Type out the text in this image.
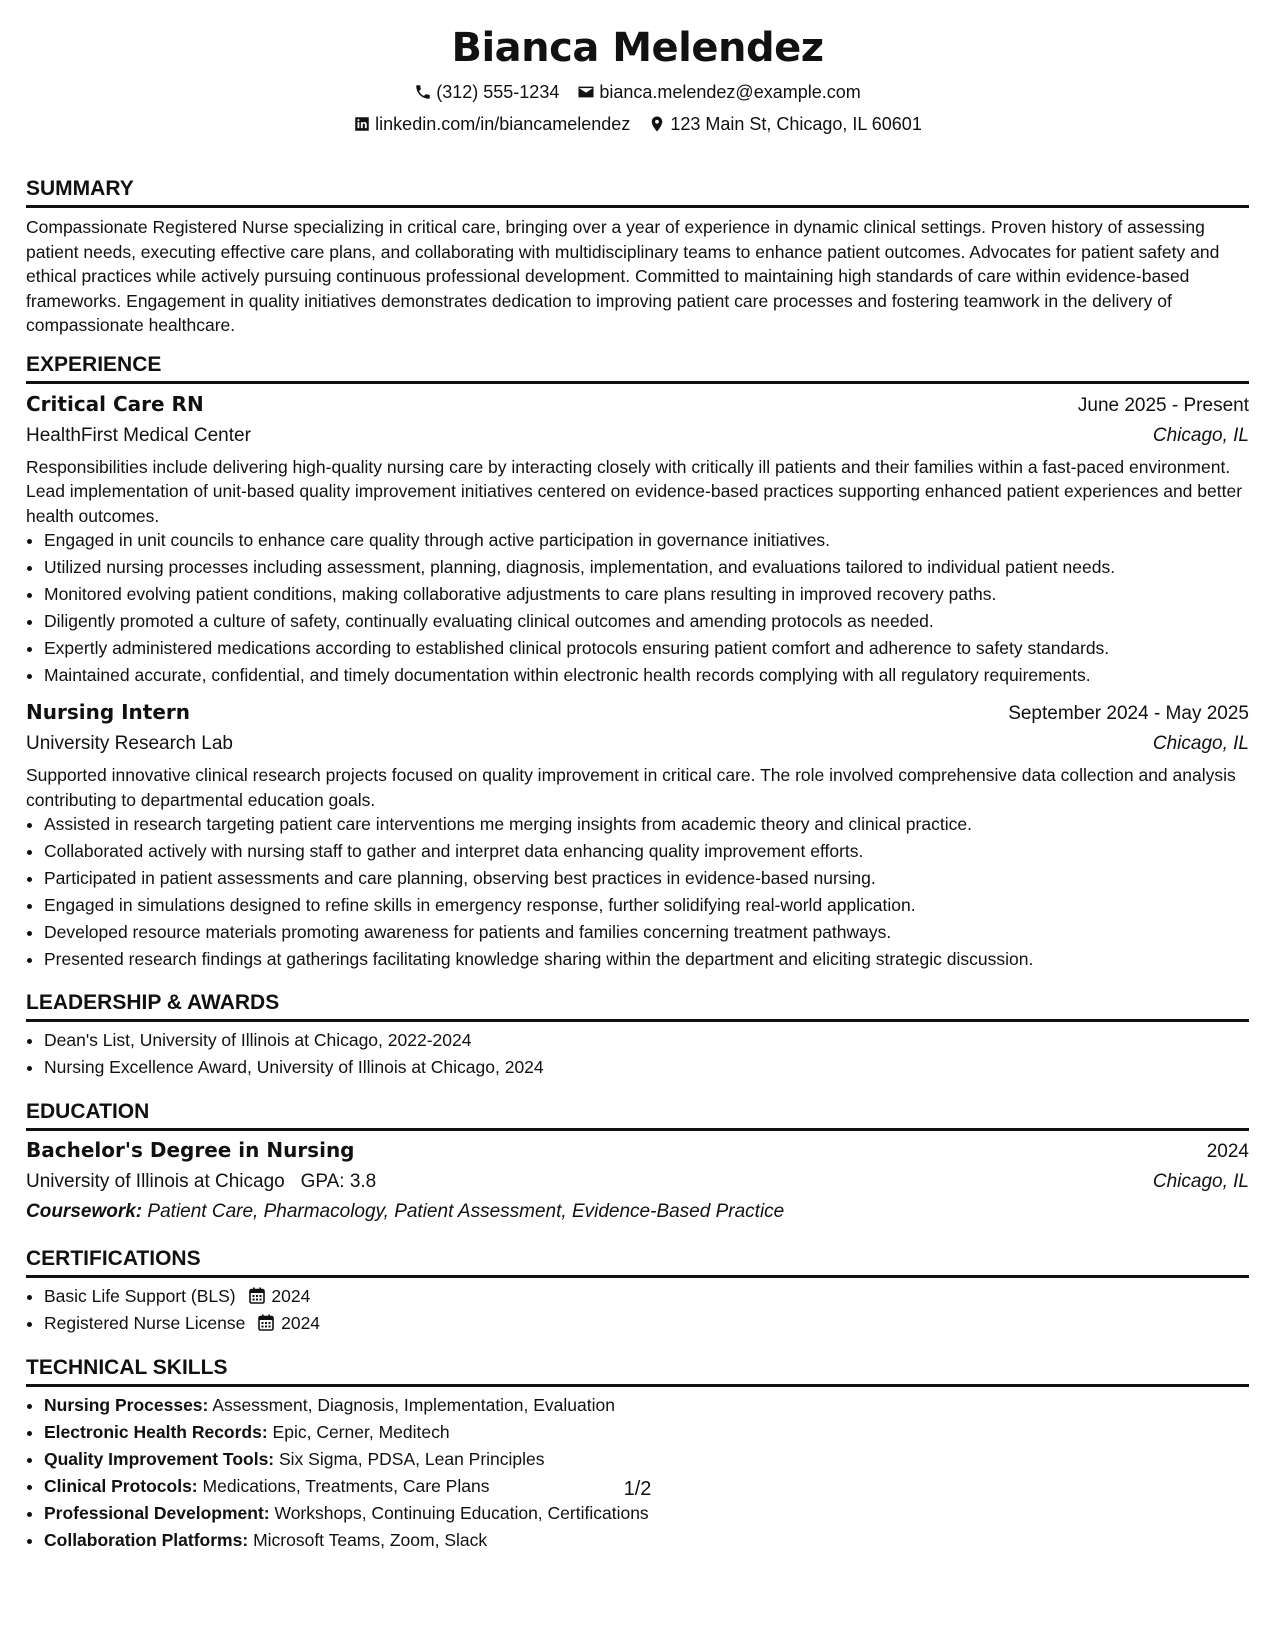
Bianca Melendez
(312) 555-1234 bianca.melendez@example.com
linkedin.com/in/biancamelendez 123 Main St, Chicago, IL 60601
SUMMARY

Compassionate Registered Nurse specializing in critical care, bringing over a year of experience in dynamic clinical settings. Proven history of assessing patient needs, executing effective care plans, and collaborating with multidisciplinary teams to enhance patient outcomes. Advocates for patient safety and ethical practices while actively pursuing continuous professional development. Committed to maintaining high standards of care within evidence-based frameworks. Engagement in quality initiatives demonstrates dedication to improving patient care processes and fostering teamwork in the delivery of compassionate healthcare.

EXPERIENCE
Critical Care RN	June 2025 - Present
HealthFirst Medical Center	Chicago, IL

Responsibilities include delivering high-quality nursing care by interacting closely with critically ill patients and their families within a fast-paced environment. Lead implementation of unit-based quality improvement initiatives centered on evidence-based practices supporting enhanced patient experiences and better health outcomes.

• Engaged in unit councils to enhance care quality through active participation in governance initiatives.
• Utilized nursing processes including assessment, planning, diagnosis, implementation, and evaluations tailored to individual patient needs.
• Monitored evolving patient conditions, making collaborative adjustments to care plans resulting in improved recovery paths.
• Diligently promoted a culture of safety, continually evaluating clinical outcomes and amending protocols as needed.
• Expertly administered medications according to established clinical protocols ensuring patient comfort and adherence to safety standards.
• Maintained accurate, confidential, and timely documentation within electronic health records complying with all regulatory requirements.
Nursing Intern	September 2024 - May 2025
University Research Lab	Chicago, IL

Supported innovative clinical research projects focused on quality improvement in critical care. The role involved comprehensive data collection and analysis contributing to departmental education goals.

• Assisted in research targeting patient care interventions me merging insights from academic theory and clinical practice.
• Collaborated actively with nursing staff to gather and interpret data enhancing quality improvement efforts.
• Participated in patient assessments and care planning, observing best practices in evidence-based nursing.
• Engaged in simulations designed to refine skills in emergency response, further solidifying real-world application.
• Developed resource materials promoting awareness for patients and families concerning treatment pathways.
• Presented research findings at gatherings facilitating knowledge sharing within the department and eliciting strategic discussion.
LEADERSHIP & AWARDS
• Dean's List, University of Illinois at Chicago, 2022-2024
• Nursing Excellence Award, University of Illinois at Chicago, 2024
EDUCATION
Bachelor's Degree in Nursing	2024
University of Illinois at Chicago GPA: 3.8	Chicago, IL
Coursework: Patient Care, Pharmacology, Patient Assessment, Evidence-Based Practice
CERTIFICATIONS
• Basic Life Support (BLS) 2024
• Registered Nurse License 2024
TECHNICAL SKILLS
• Nursing Processes: Assessment, Diagnosis, Implementation, Evaluation
• Electronic Health Records: Epic, Cerner, Meditech
• Quality Improvement Tools: Six Sigma, PDSA, Lean Principles
• Clinical Protocols: Medications, Treatments, Care Plans
• Professional Development: Workshops, Continuing Education, Certifications
• Collaboration Platforms: Microsoft Teams, Zoom, Slack
1/2
